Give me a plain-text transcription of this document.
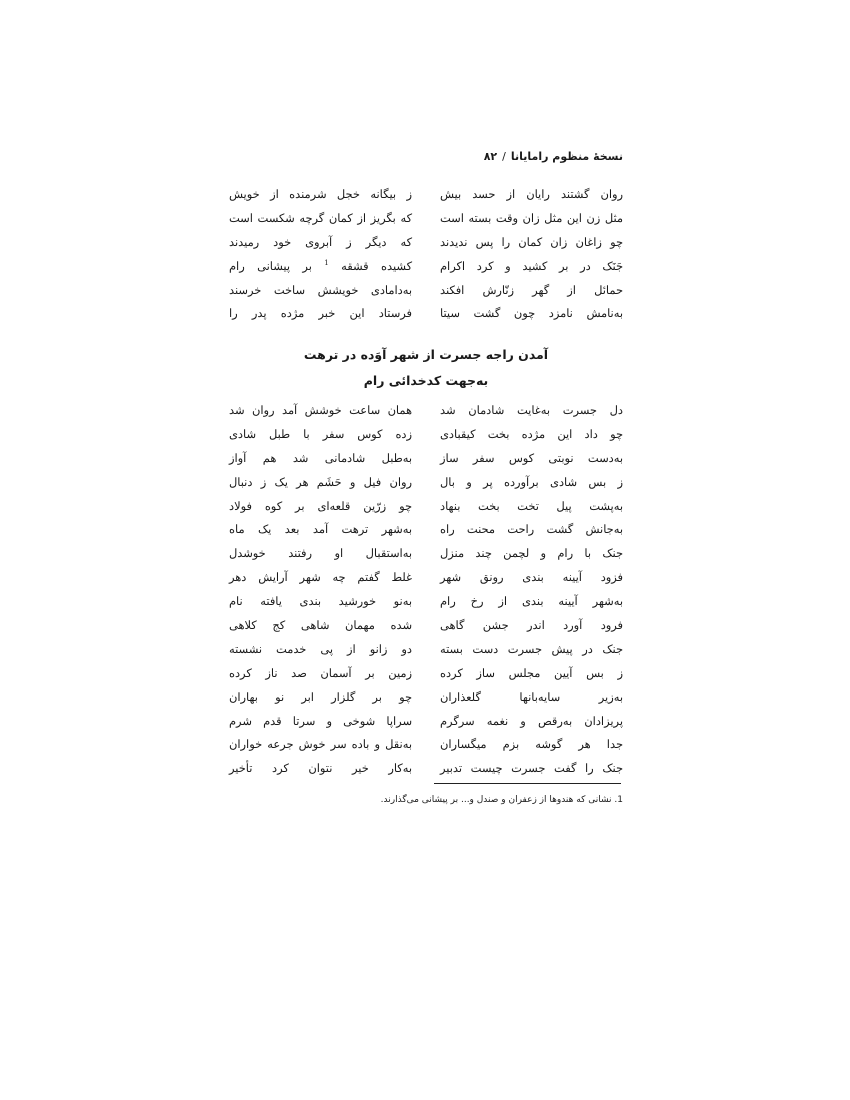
نسخهٔ منظوم رامایانا/۸۲
روان گشتند رایان از حسد بیش
ز بیگانه خجل شرمنده از خویش
مثل زن این مثل زان وقت بسته است
که بگریز از کمان گرچه شکست است
چو زاغان زان کمان را پس ندیدند
که دیگر ز آبروی خود رمیدند
جَنَک در بر کشید و کرد اکرام
کشیده قشقه $^1$ بر پیشانی رام
حمائل از گهر زنّارش افکند
به‌دامادی خویشش ساخت خرسند
به‌نامش نامزد چون گشت سیتا
فرستاد این خبر مژده پدر را
آمدن راجه جسرت از شهر آوَده در ترهت
به‌جهت کدخدائی رام
دل جسرت به‌غایت شادمان شد
همان ساعت خوشش آمد روان شد
چو داد این مژده بخت کیقبادی
زده کوس سفر با طبل شادی
به‌دست نوبتی کوس سفر ساز
به‌طبل شادمانی شد هم آواز
ز بس شادی برآورده پر و بال
روان فیل و حَشَم هر یک ز دنبال
به‌پشت پیل تخت بخت بنهاد
چو زرّین قلعه‌ای بر کوه فولاد
به‌جانش گشت راحت محنت راه
به‌شهر ترهت آمد بعد یک ماه
جنک با رام و لچمن چند منزل
به‌استقبال او رفتند خوشدل
فزود آیینه بندی رونق شهر
غلط گفتم چه شهر آرایش دهر
به‌شهر آیینه بندی از رخ رام
به‌نو خورشید بندی یافته نام
فرود آورد اندر جشن گاهی
شده مهمان شاهی کج کلاهی
جنک در پیش جسرت دست بسته
دو زانو از پی خدمت نشسته
ز بس آیین مجلس ساز کرده
زمین بر آسمان صد ناز کرده
به‌زیر سایه‌بانها گلعذاران
چو بر گلزار ابر نو بهاران
پریزادان به‌رقص و نغمه سرگرم
سراپا شوخی و سرتا قدم شرم
جدا هر گوشه بزم میگساران
به‌نقل و باده سر خوش جرعه خواران
جنک را گفت جسرت چیست تدبیر
به‌کار خیر نتوان کرد تأخیر
1. نشانی که هندوها از زعفران و صندل و... بر پیشانی می‌گذارند.
